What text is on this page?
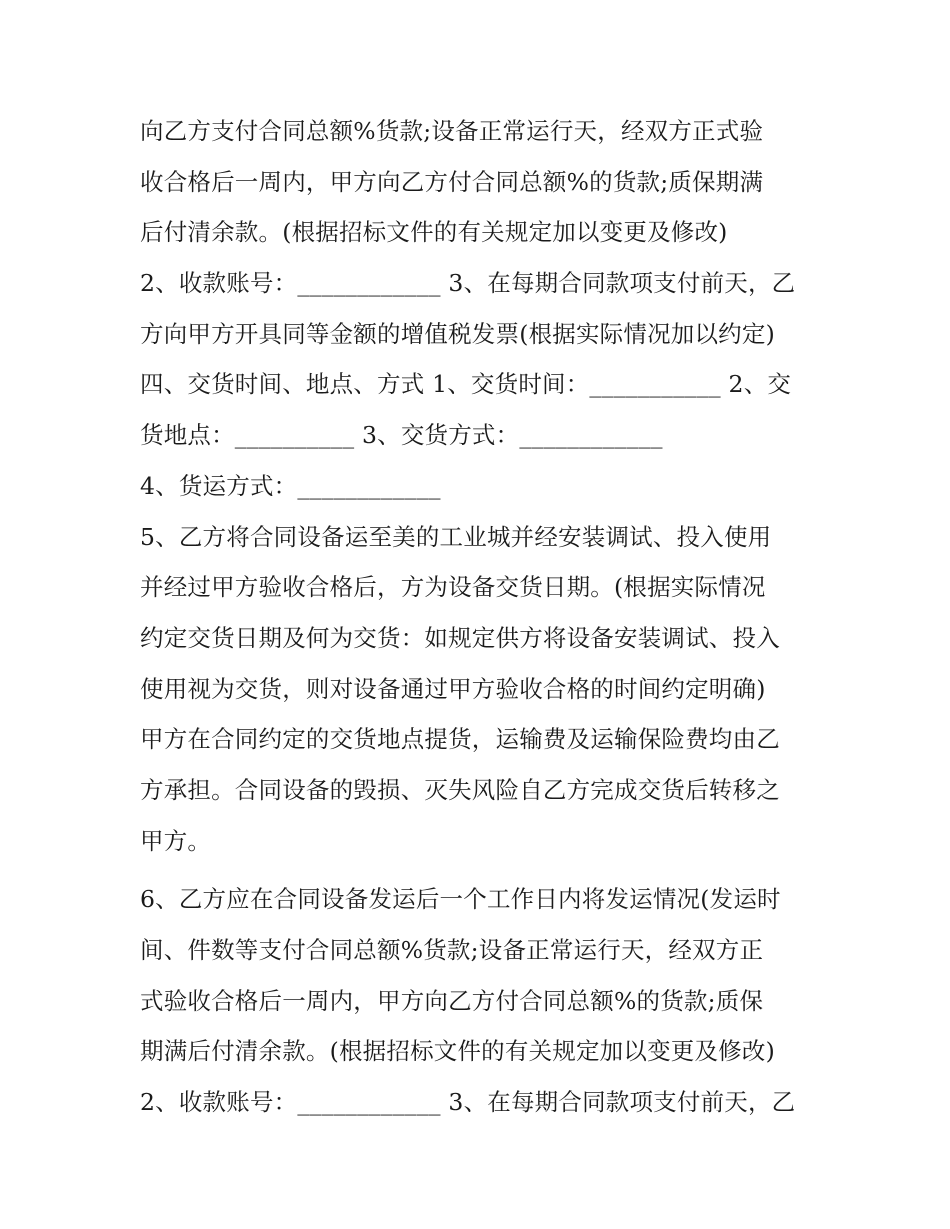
向乙方支付合同总额%货款;设备正常运行天，经双方正式验
收合格后一周内，甲方向乙方付合同总额%的货款;质保期满
后付清余款。(根据招标文件的有关规定加以变更及修改)
2、收款账号：____________ 3、在每期合同款项支付前天，乙
方向甲方开具同等金额的增值税发票(根据实际情况加以约定)
四、交货时间、地点、方式 1、交货时间：___________ 2、交
货地点：__________ 3、交货方式：____________
4、货运方式：____________
5、乙方将合同设备运至美的工业城并经安装调试、投入使用
并经过甲方验收合格后，方为设备交货日期。(根据实际情况
约定交货日期及何为交货：如规定供方将设备安装调试、投入
使用视为交货，则对设备通过甲方验收合格的时间约定明确)
甲方在合同约定的交货地点提货，运输费及运输保险费均由乙
方承担。合同设备的毁损、灭失风险自乙方完成交货后转移之
甲方。
6、乙方应在合同设备发运后一个工作日内将发运情况(发运时
间、件数等支付合同总额%货款;设备正常运行天，经双方正
式验收合格后一周内，甲方向乙方付合同总额%的货款;质保
期满后付清余款。(根据招标文件的有关规定加以变更及修改)
2、收款账号：____________ 3、在每期合同款项支付前天，乙
